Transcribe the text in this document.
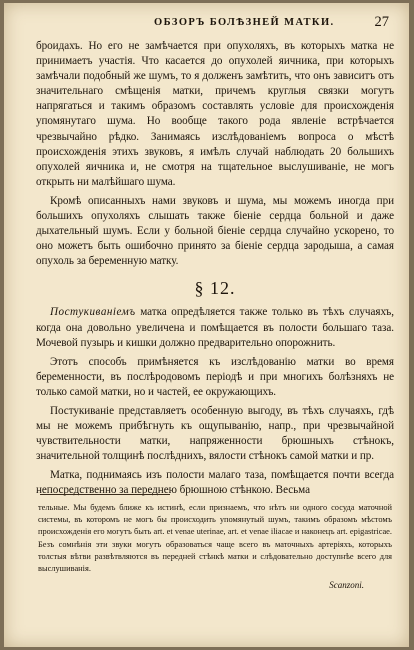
ОБЗОРЪ БОЛѢЗНЕЙ МАТКИ.	27

броидахъ. Но его не замѣчается при опухоляхъ, въ которыхъ матка не принимаетъ участія. Что касается до опухолей яичника, при которыхъ замѣчали подобный же шумъ, то я долженъ замѣтить, что онъ зависитъ отъ значительнаго смѣщенія матки, причемъ круглыя связки могутъ напрягаться и такимъ образомъ составлять условіе для происхожденія упомянутаго шума. Но вообще такого рода явленіе встрѣчается чрезвычайно рѣдко. Занимаясь изслѣдованіемъ вопроса о мѣстѣ происхожденія этихъ звуковъ, я имѣлъ случай наблюдать 20 большихъ опухолей яичника и, не смотря на тщательное выслушиваніе, не могъ открыть ни малѣйшаго шума.

Кромѣ описанныхъ нами звуковъ и шума, мы можемъ иногда при большихъ опухоляхъ слышать также біеніе сердца больной и даже дыхательный шумъ. Если у больной біеніе сердца случайно ускорено, то оно можетъ быть ошибочно принято за біеніе сердца зародыша, а самая опухоль за беременную матку.

§ 12.

Постукиваніемъ матка опредѣляется также только въ тѣхъ случаяхъ, когда она довольно увеличена и помѣщается въ полости большаго таза. Мочевой пузырь и кишки должно предварительно опорожнить.

Этотъ способъ примѣняется къ изслѣдованію матки во время беременности, въ послѣродовомъ періодѣ и при многихъ болѣзняхъ не только самой матки, но и частей, ее окружающихъ.

Постукиваніе представляетъ особенную выгоду, въ тѣхъ случаяхъ, гдѣ мы не можемъ прибѣгнуть къ ощупыванію, напр., при чрезвычайной чувствительности матки, напряженности брюшныхъ стѣнокъ, значительной толщинѣ послѣднихъ, вялости стѣнокъ самой матки и пр.

Матка, поднимаясь изъ полости малаго таза, помѣщается почти всегда непосредственно за переднею брюшною стѣнкою. Весьма

тельные. Мы будемъ ближе къ истинѣ, если признаемъ, что нѣтъ ни одного сосуда маточной системы, въ которомъ не могъ бы происходить упомянутый шумъ, такимъ образомъ мѣстомъ происхожденія его могутъ быть art. et venae uterinae, art. et venae iliacae и наконецъ art. epigastricae. Безъ сомнѣнія эти звуки могутъ образоваться чаще всего въ маточныхъ артеріяхъ, которыхъ толстыя вѣтви развѣтвляются въ передней стѣнкѣ матки и слѣдовательно доступнѣе всего для выслушиванія.

Scanzoni.
